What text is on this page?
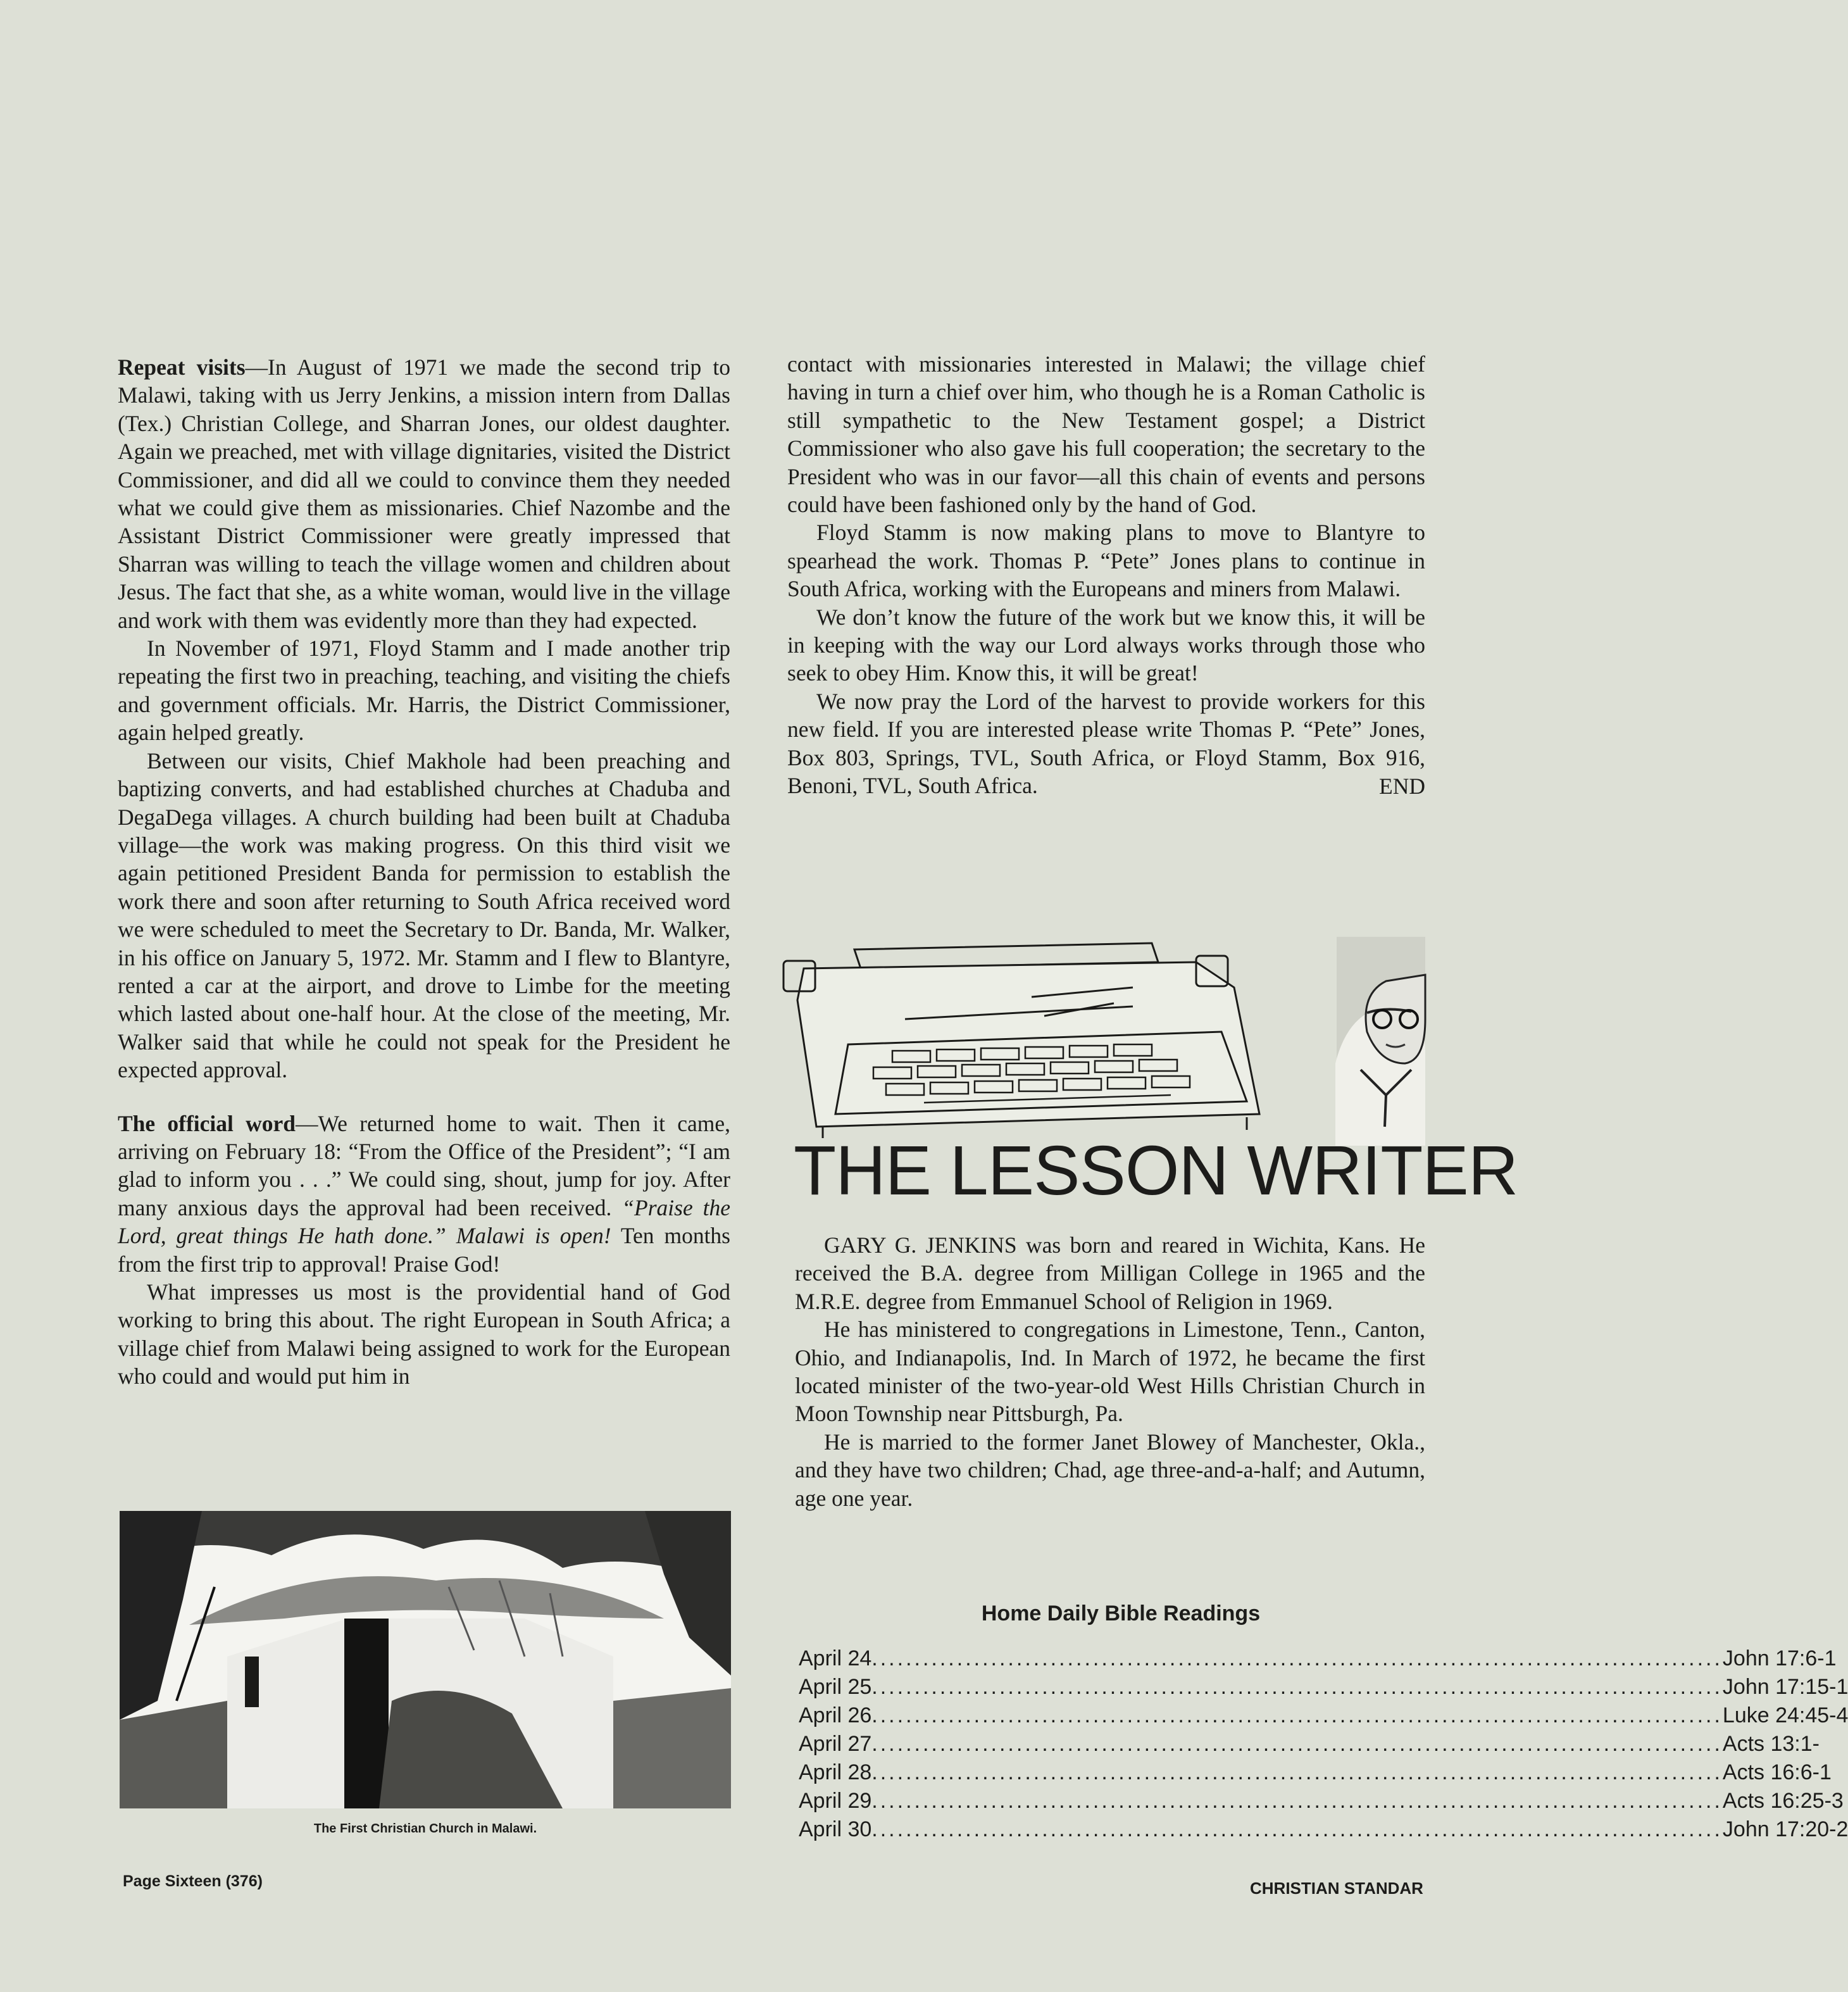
Repeat visits—In August of 1971 we made the second trip to Malawi, taking with us Jerry Jenkins, a mission intern from Dallas (Tex.) Christian College, and Sharran Jones, our oldest daughter. Again we preached, met with village dignitaries, visited the District Commissioner, and did all we could to convince them they needed what we could give them as missionaries. Chief Nazombe and the Assistant District Commissioner were greatly impressed that Sharran was willing to teach the village women and children about Jesus. The fact that she, as a white woman, would live in the village and work with them was evidently more than they had expected.

In November of 1971, Floyd Stamm and I made another trip repeating the first two in preaching, teaching, and visiting the chiefs and government officials. Mr. Harris, the District Commissioner, again helped greatly.

Between our visits, Chief Makhole had been preaching and baptizing converts, and had established churches at Chaduba and DegaDega villages. A church building had been built at Chaduba village—the work was making progress. On this third visit we again petitioned President Banda for permission to establish the work there and soon after returning to South Africa received word we were scheduled to meet the Secretary to Dr. Banda, Mr. Walker, in his office on January 5, 1972. Mr. Stamm and I flew to Blantyre, rented a car at the airport, and drove to Limbe for the meeting which lasted about one-half hour. At the close of the meeting, Mr. Walker said that while he could not speak for the President he expected approval.

The official word—We returned home to wait. Then it came, arriving on February 18: “From the Office of the President”; “I am glad to inform you . . .” We could sing, shout, jump for joy. After many anxious days the approval had been received. “Praise the Lord, great things He hath done.” Malawi is open! Ten months from the first trip to approval! Praise God!

What impresses us most is the providential hand of God working to bring this about. The right European in South Africa; a village chief from Malawi being assigned to work for the European who could and would put him in

The First Christian Church in Malawi.

contact with missionaries interested in Malawi; the village chief having in turn a chief over him, who though he is a Roman Catholic is still sympathetic to the New Testament gospel; a District Commissioner who also gave his full cooperation; the secretary to the President who was in our favor—all this chain of events and persons could have been fashioned only by the hand of God.

Floyd Stamm is now making plans to move to Blantyre to spearhead the work. Thomas P. “Pete” Jones plans to continue in South Africa, working with the Europeans and miners from Malawi.

We don’t know the future of the work but we know this, it will be in keeping with the way our Lord always works through those who seek to obey Him. Know this, it will be great!

We now pray the Lord of the harvest to provide workers for this new field. If you are interested please write Thomas P. “Pete” Jones, Box 803, Springs, TVL, South Africa, or Floyd Stamm, Box 916, Benoni, TVL, South Africa.	END
THE LESSON WRITER

GARY G. JENKINS was born and reared in Wichita, Kans. He received the B.A. degree from Milligan College in 1965 and the M.R.E. degree from Emmanuel School of Religion in 1969.

He has ministered to congregations in Limestone, Tenn., Canton, Ohio, and Indianapolis, Ind. In March of 1972, he became the first located minister of the two-year-old West Hills Christian Church in Moon Township near Pittsburgh, Pa.

He is married to the former Janet Blowey of Manchester, Okla., and they have two children; Chad, age three-and-a-half; and Autumn, age one year.

Home Daily Bible Readings
April 24 .....	John 17:6-1
April 25 .....	John 17:15-1
April 26 .....	Luke 24:45-4
April 27 .....	Acts 13:1-
April 28 .....	Acts 16:6-1
April 29 .....	Acts 16:25-3
April 30 .....	John 17:20-2
Page Sixteen (376)	CHRISTIAN STANDAR
